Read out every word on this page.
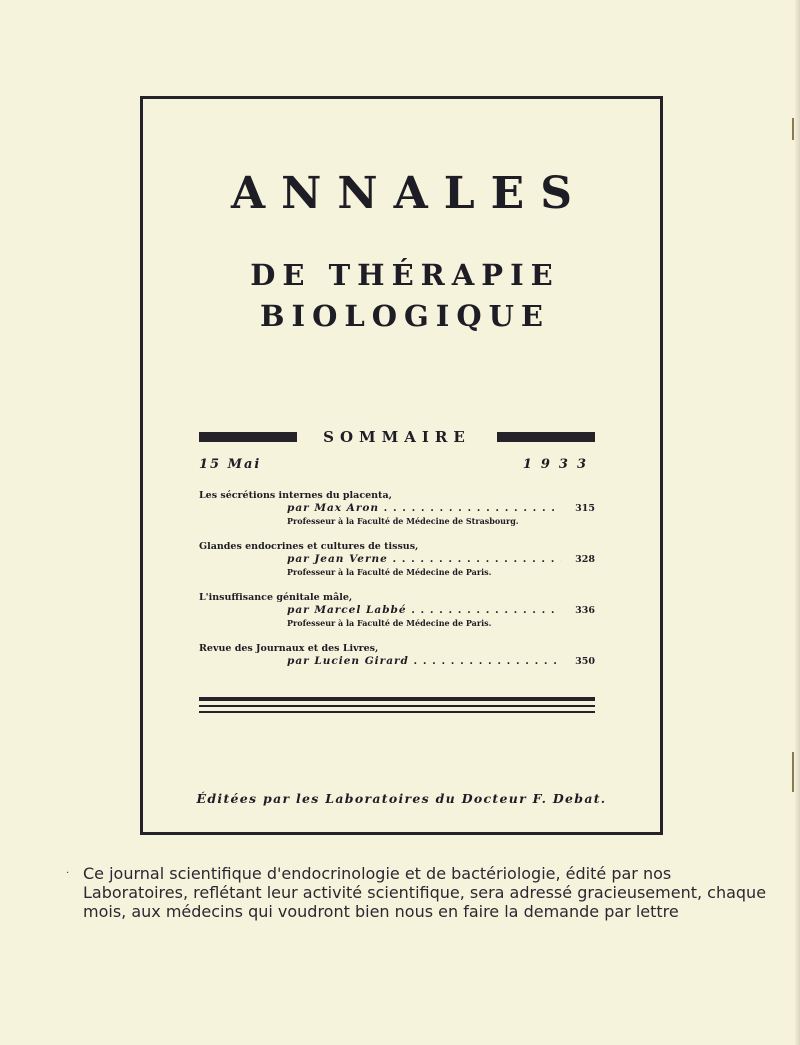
ANNALES
DE THÉRAPIE
BIOLOGIQUE
SOMMAIRE
15 Mai	1933
Les sécrétions internes du placenta,
par Max Aron . . .	315
Professeur à la Faculté de Médecine de Strasbourg.
Glandes endocrines et cultures de tissus,
par Jean Verne . . .	328
Professeur à la Faculté de Médecine de Paris.
L'insuffisance génitale mâle,
par Marcel Labbé . . .	336
Professeur à la Faculté de Médecine de Paris.
Revue des Journaux et des Livres,
par Lucien Girard . . .	350
Éditées par les Laboratoires du Docteur F. Debat.
· Ce journal scientifique d'endocrinologie et de bactériologie, édité par nos
Laboratoires, reflétant leur activité scientifique, sera adressé gracieusement, chaque
mois, aux médecins qui voudront bien nous en faire la demande par lettre
